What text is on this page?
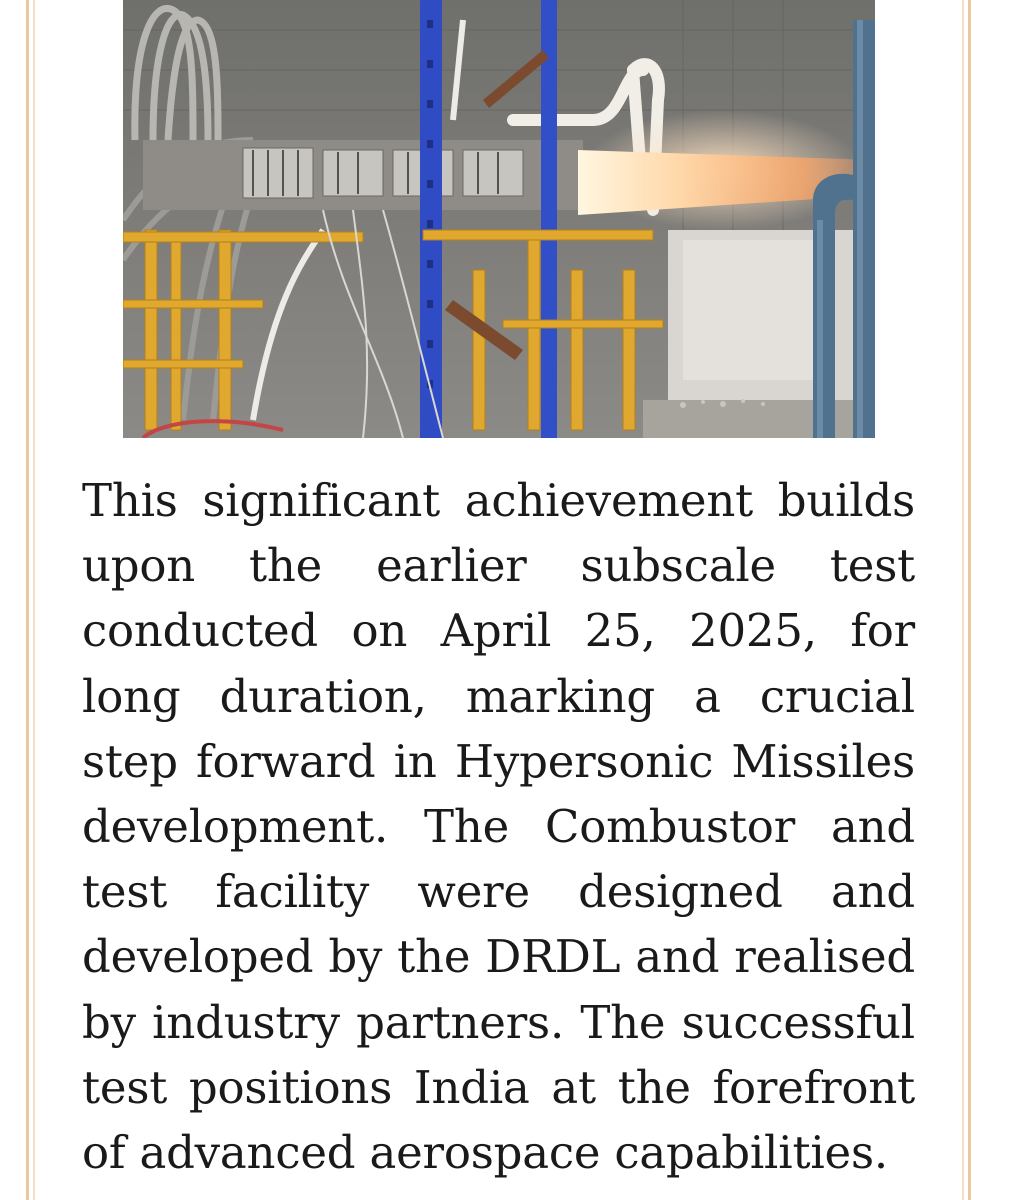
This significant achievement builds upon the earlier subscale test conducted on April 25, 2025, for long duration, marking a crucial step forward in Hypersonic Missiles development. The Combustor and test facility were designed and developed by the DRDL and realised by industry partners. The successful test positions India at the forefront of advanced aerospace capabilities.
